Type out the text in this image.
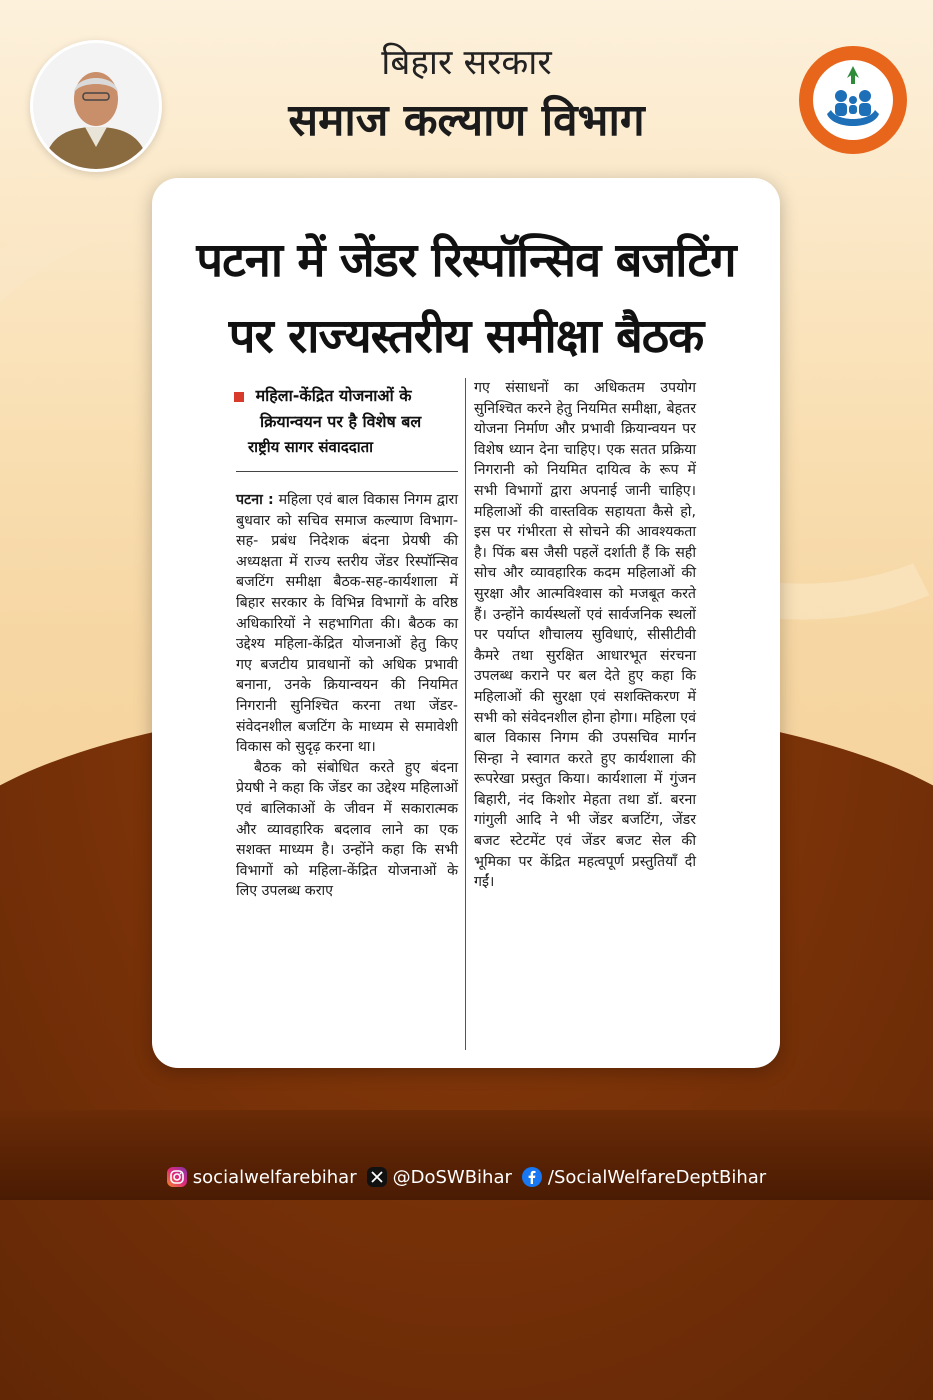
बिहार सरकार
समाज कल्याण विभाग
पटना में जेंडर रिस्पॉन्सिव बजटिंग
पर राज्यस्तरीय समीक्षा बैठक
महिला-केंद्रित योजनाओं के
क्रियान्वयन पर है विशेष बल
राष्ट्रीय सागर संवाददाता

पटना : महिला एवं बाल विकास निगम द्वारा बुधवार को सचिव समाज कल्याण विभाग-सह- प्रबंध निदेशक बंदना प्रेयषी की अध्यक्षता में राज्य स्तरीय जेंडर रिस्पॉन्सिव बजटिंग समीक्षा बैठक-सह-कार्यशाला में बिहार सरकार के विभिन्न विभागों के वरिष्ठ अधिकारियों ने सहभागिता की। बैठक का उद्देश्य महिला-केंद्रित योजनाओं हेतु किए गए बजटीय प्रावधानों को अधिक प्रभावी बनाना, उनके क्रियान्वयन की नियमित निगरानी सुनिश्चित करना तथा जेंडर-संवेदनशील बजटिंग के माध्यम से समावेशी विकास को सुदृढ़ करना था।

बैठक को संबोधित करते हुए बंदना प्रेयषी ने कहा कि जेंडर का उद्देश्य महिलाओं एवं बालिकाओं के जीवन में सकारात्मक और व्यावहारिक बदलाव लाने का एक सशक्त माध्यम है। उन्होंने कहा कि सभी विभागों को महिला-केंद्रित योजनाओं के लिए उपलब्ध कराए

गए संसाधनों का अधिकतम उपयोग सुनिश्चित करने हेतु नियमित समीक्षा, बेहतर योजना निर्माण और प्रभावी क्रियान्वयन पर विशेष ध्यान देना चाहिए। एक सतत प्रक्रिया निगरानी को नियमित दायित्व के रूप में सभी विभागों द्वारा अपनाई जानी चाहिए। महिलाओं की वास्तविक सहायता कैसे हो, इस पर गंभीरता से सोचने की आवश्यकता है। पिंक बस जैसी पहलें दर्शाती हैं कि सही सोच और व्यावहारिक कदम महिलाओं की सुरक्षा और आत्मविश्वास को मजबूत करते हैं। उन्होंने कार्यस्थलों एवं सार्वजनिक स्थलों पर पर्याप्त शौचालय सुविधाएं, सीसीटीवी कैमरे तथा सुरक्षित आधारभूत संरचना उपलब्ध कराने पर बल देते हुए कहा कि महिलाओं की सुरक्षा एवं सशक्तिकरण में सभी को संवेदनशील होना होगा। महिला एवं बाल विकास निगम की उपसचिव मार्गन सिन्हा ने स्वागत करते हुए कार्यशाला की रूपरेखा प्रस्तुत किया। कार्यशाला में गुंजन बिहारी, नंद किशोर मेहता तथा डॉ. बरना गांगुली आदि ने भी जेंडर बजटिंग, जेंडर बजट स्टेटमेंट एवं जेंडर बजट सेल की भूमिका पर केंद्रित महत्वपूर्ण प्रस्तुतियाँ दी गईं।

socialwelfarebihar @DoSWBihar /SocialWelfareDeptBihar
